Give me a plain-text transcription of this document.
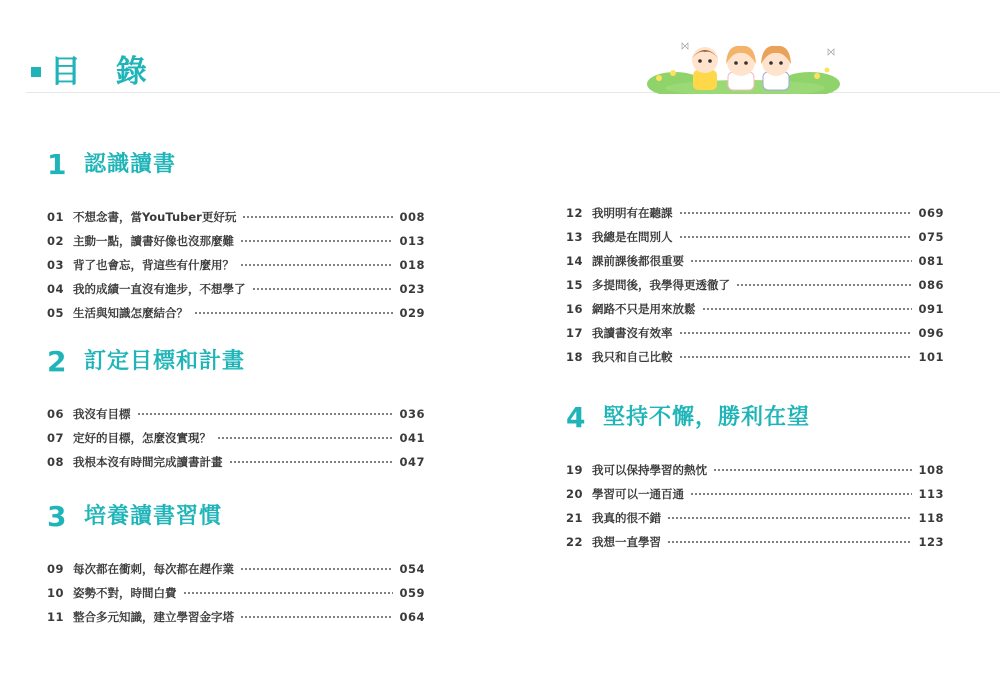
目 錄
1 認識讀書
01 不想念書，當YouTuber更好玩	008
02 主動一點，讀書好像也沒那麼難	013
03 背了也會忘，背這些有什麼用？	018
04 我的成績一直沒有進步，不想學了	023
05 生活與知識怎麼結合？	029
2 訂定目標和計畫
06 我沒有目標	036
07 定好的目標，怎麼沒實現？	041
08 我根本沒有時間完成讀書計畫	047
3 培養讀書習慣
09 每次都在衝刺，每次都在趕作業	054
10 姿勢不對，時間白費	059
11 整合多元知識，建立學習金字塔	064
12 我明明有在聽課	069
13 我總是在問別人	075
14 課前課後都很重要	081
15 多提問後，我學得更透徹了	086
16 網路不只是用來放鬆	091
17 我讀書沒有效率	096
18 我只和自己比較	101
4 堅持不懈，勝利在望
19 我可以保持學習的熱忱	108
20 學習可以一通百通	113
21 我真的很不錯	118
22 我想一直學習	123
